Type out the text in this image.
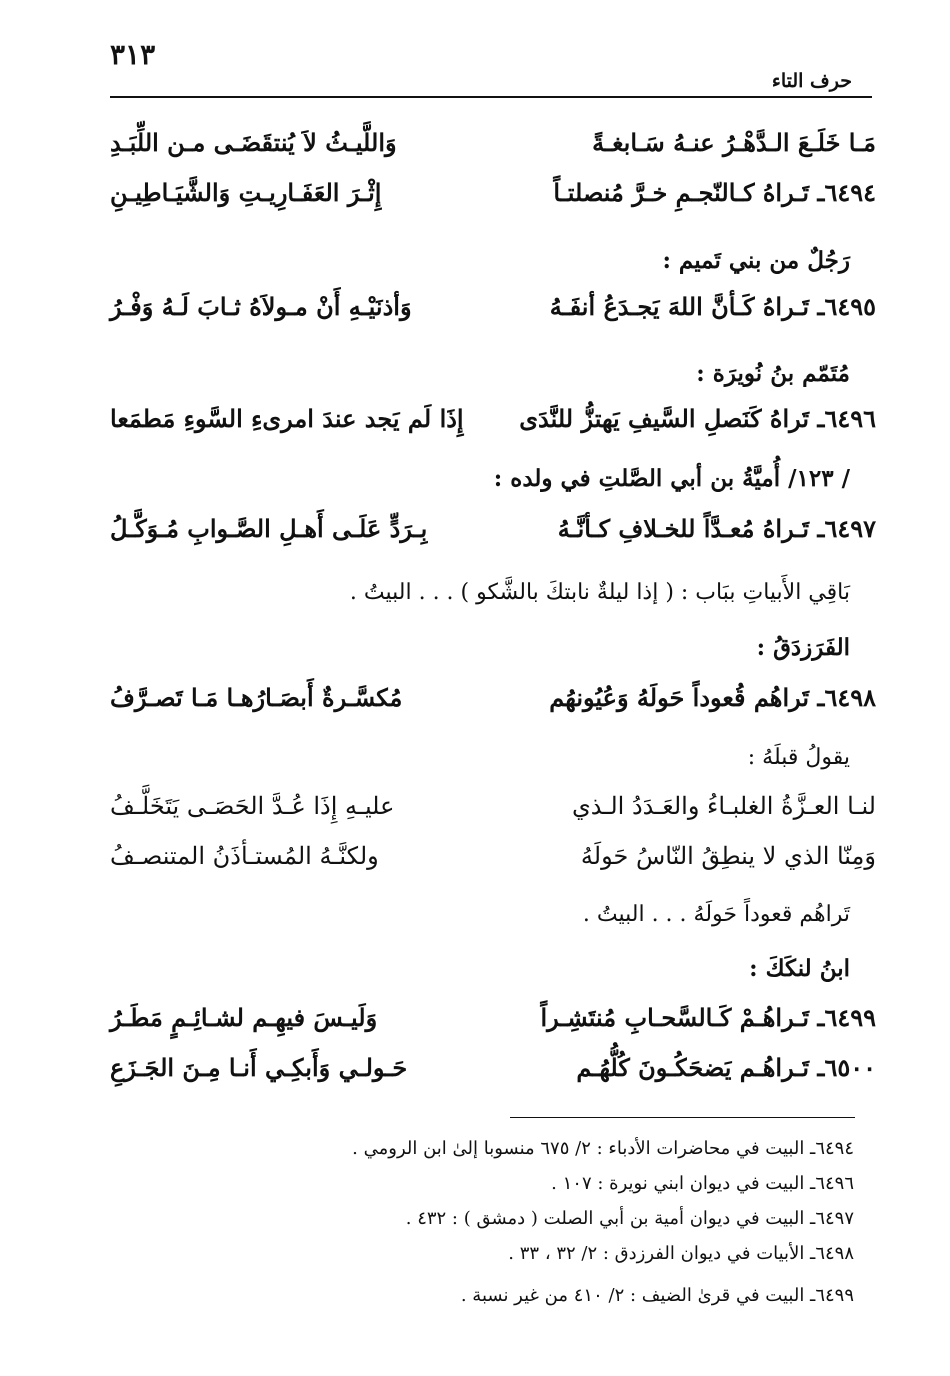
٣١٣
حرف التاء
مَـا خَلَـعَ الـدَّهْـرُ عنـهُ سَـابغـةً
وَاللَّيـثُ لاَ يُنتقَضَـى مـن اللِّبَـدِ
٦٤٩٤ـ تَـراهُ كـالنّجـمِ خـرَّ مُنصلتـاً
إِثْـرَ العَفَـارِيـتِ وَالشَّيَـاطِيـنِ
رَجُلٌ من بني تَميم :
٦٤٩٥ـ تَـراهُ كَـأنَّ اللهَ يَجـدَعُ أنفَـهُ
وَأذنَيْـهِ أَنْ مـولاَهُ ثـابَ لَـهُ وَفْـرُ
مُتَمّم بنُ نُويرَة :
٦٤٩٦ـ تَراهُ كَنَصلِ السَّيفِ يَهتزُّ للنَّدَى
إِذَا لَم يَجد عندَ امرىءِ السَّوءِ مَطمَعا
/ ١٢٣/ أُميَّةُ بن أبي الصَّلتِ في ولده :
٦٤٩٧ـ تَـراهُ مُعـدَّاً للخـلافِ كـأنَّـهُ
بِـرَدٍّ عَلَـى أَهـلِ الصَّـوابِ مُـوَكَّـلُ
بَاقِي الأَبياتِ ببَاب : ( إذا ليلةٌ نابتكَ بالشَّكو ) . . . البيتُ .
الفَرَزدَقُ :
٦٤٩٨ـ تَراهُم قُعوداً حَولَهُ وَعُيُونهُم
مُكسَّـرةٌ أَبصَـارُهـا مَـا تَصـرَّفُ
يقولُ قبلَهُ :
لنـا العـزَّةُ الغلبـاءُ والعَـدَدُ الـذي
عليـهِ إِذَا عُـدَّ الحَصَـى يَتَخَلَّـفُ
وَمِنّا الذي لا ينطِقُ النّاسُ حَولَهُ
ولكنَّـهُ المُستـأذَنُ المتنصـفُ
تَراهُم قعوداً حَولَهُ . . . البيتُ .
ابنُ لنكَكَ :
٦٤٩٩ـ تَـراهُـمْ كَـالسَّحـابِ مُنتَشِـراً
وَلَيـسَ فيهِـم لشـائِـمٍ مَطَـرُ
٦٥٠٠ـ تَـراهُـم يَضحَكُـونَ كُلُّهُـم
حَـولـي وَأَبكِـي أَنـا مِـنَ الجَـزَعِ
٦٤٩٤ـ البيت في محاضرات الأدباء : ٢/ ٦٧٥ منسوبا إلىٰ ابن الرومي .
٦٤٩٦ـ البيت في ديوان ابني نويرة : ١٠٧ .
٦٤٩٧ـ البيت في ديوان أمية بن أبي الصلت ( دمشق ) : ٤٣٢ .
٦٤٩٨ـ الأبيات في ديوان الفرزدق : ٢/ ٣٢ ، ٣٣ .
٦٤٩٩ـ البيت في قرىٰ الضيف : ٢/ ٤١٠ من غير نسبة .
